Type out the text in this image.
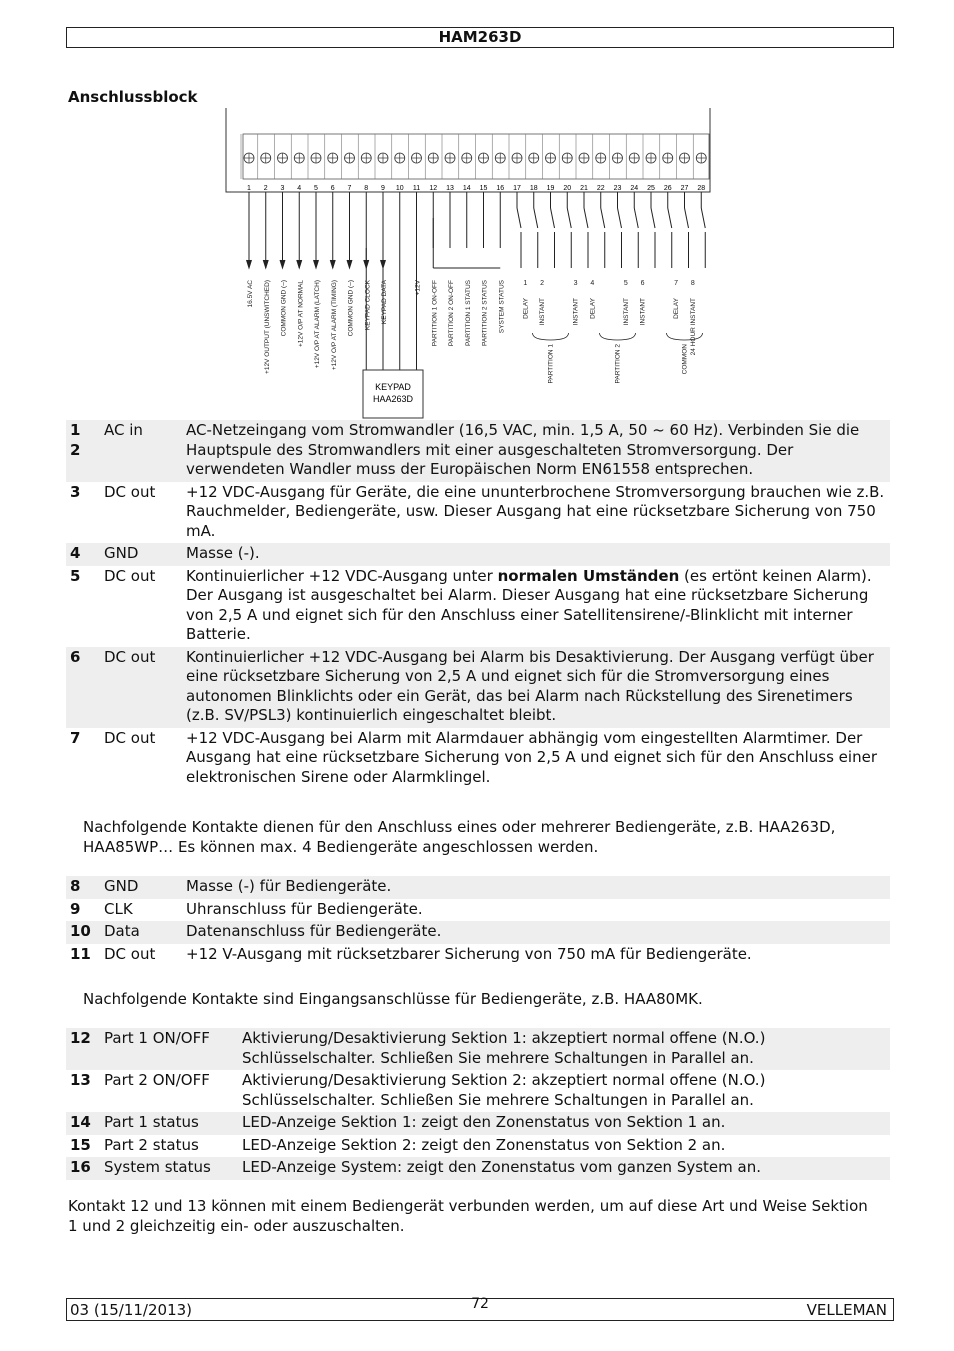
HAM263D
Anschlussblock
1 2 3 4 5 6 7 8 9 10 11 12 13 14 15 16 17 18 19 20 21 22 23 24 25 26 27 28
16.5V AC +12V OUTPUT (UNSWITCHED) COMMON GND (–) +12V O/P AT NORMAL +12V O/P AT ALARM (LATCH) +12V O/P AT ALARM (TIMING) COMMON GND (–) KEYPAD CLOCK KEYPAD DATA	+12V PARTITION 1 ON-OFF PARTITION 2 ON-OFF PARTITION 1 STATUS PARTITION 2 STATUS SYSTEM STATUS	1
DELAY
2
INSTANT
3
INSTANT
4
DELAY
5
INSTANT
6
INSTANT
7
DELAY
8
24 HOUR INSTANT
PARTITION 1	PARTITION 2	COMMON
KEYPAD
HAA263D
1
2	AC in	AC-Netzeingang vom Stromwandler (16,5 VAC, min. 1,5 A, 50 ~ 60 Hz). Verbinden Sie die Hauptspule des Stromwandlers mit einer ausgeschalteten Stromversorgung. Der verwendeten Wandler muss der Europäischen Norm EN61558 entsprechen.
3	DC out	+12 VDC-Ausgang für Geräte, die eine ununterbrochene Stromversorgung brauchen wie z.B. Rauchmelder, Bediengeräte, usw. Dieser Ausgang hat eine rücksetzbare Sicherung von 750 mA.
4	GND	Masse (-).
5	DC out	Kontinuierlicher +12 VDC-Ausgang unter normalen Umständen (es ertönt keinen Alarm). Der Ausgang ist ausgeschaltet bei Alarm. Dieser Ausgang hat eine rücksetzbare Sicherung von 2,5 A und eignet sich für den Anschluss einer Satellitensirene/-Blinklicht mit interner Batterie.
6	DC out	Kontinuierlicher +12 VDC-Ausgang bei Alarm bis Desaktivierung. Der Ausgang verfügt über eine rücksetzbare Sicherung von 2,5 A und eignet sich für die Stromversorgung eines autonomen Blinklichts oder ein Gerät, das bei Alarm nach Rückstellung des Sirenetimers (z.B. SV/PSL3) kontinuierlich eingeschaltet bleibt.
7	DC out	+12 VDC-Ausgang bei Alarm mit Alarmdauer abhängig vom eingestellten Alarmtimer. Der Ausgang hat eine rücksetzbare Sicherung von 2,5 A und eignet sich für den Anschluss einer elektronischen Sirene oder Alarmklingel.
Nachfolgende Kontakte dienen für den Anschluss eines oder mehrerer Bediengeräte, z.B. HAA263D, HAA85WP… Es können max. 4 Bediengeräte angeschlossen werden.
8	GND	Masse (-) für Bediengeräte.
9	CLK	Uhranschluss für Bediengeräte.
10	Data	Datenanschluss für Bediengeräte.
11	DC out	+12 V-Ausgang mit rücksetzbarer Sicherung von 750 mA für Bediengeräte.
Nachfolgende Kontakte sind Eingangsanschlüsse für Bediengeräte, z.B. HAA80MK.
12	Part 1 ON/OFF	Aktivierung/Desaktivierung Sektion 1: akzeptiert normal offene (N.O.) Schlüsselschalter. Schließen Sie mehrere Schaltungen in Parallel an.
13	Part 2 ON/OFF	Aktivierung/Desaktivierung Sektion 2: akzeptiert normal offene (N.O.) Schlüsselschalter. Schließen Sie mehrere Schaltungen in Parallel an.
14	Part 1 status	LED-Anzeige Sektion 1: zeigt den Zonenstatus von Sektion 1 an.
15	Part 2 status	LED-Anzeige Sektion 2: zeigt den Zonenstatus von Sektion 2 an.
16	System status	LED-Anzeige System: zeigt den Zonenstatus vom ganzen System an.
Kontakt 12 und 13 können mit einem Bediengerät verbunden werden, um auf diese Art und Weise Sektion 1 und 2 gleichzeitig ein- oder auszuschalten.
03 (15/11/2013)	72	VELLEMAN
